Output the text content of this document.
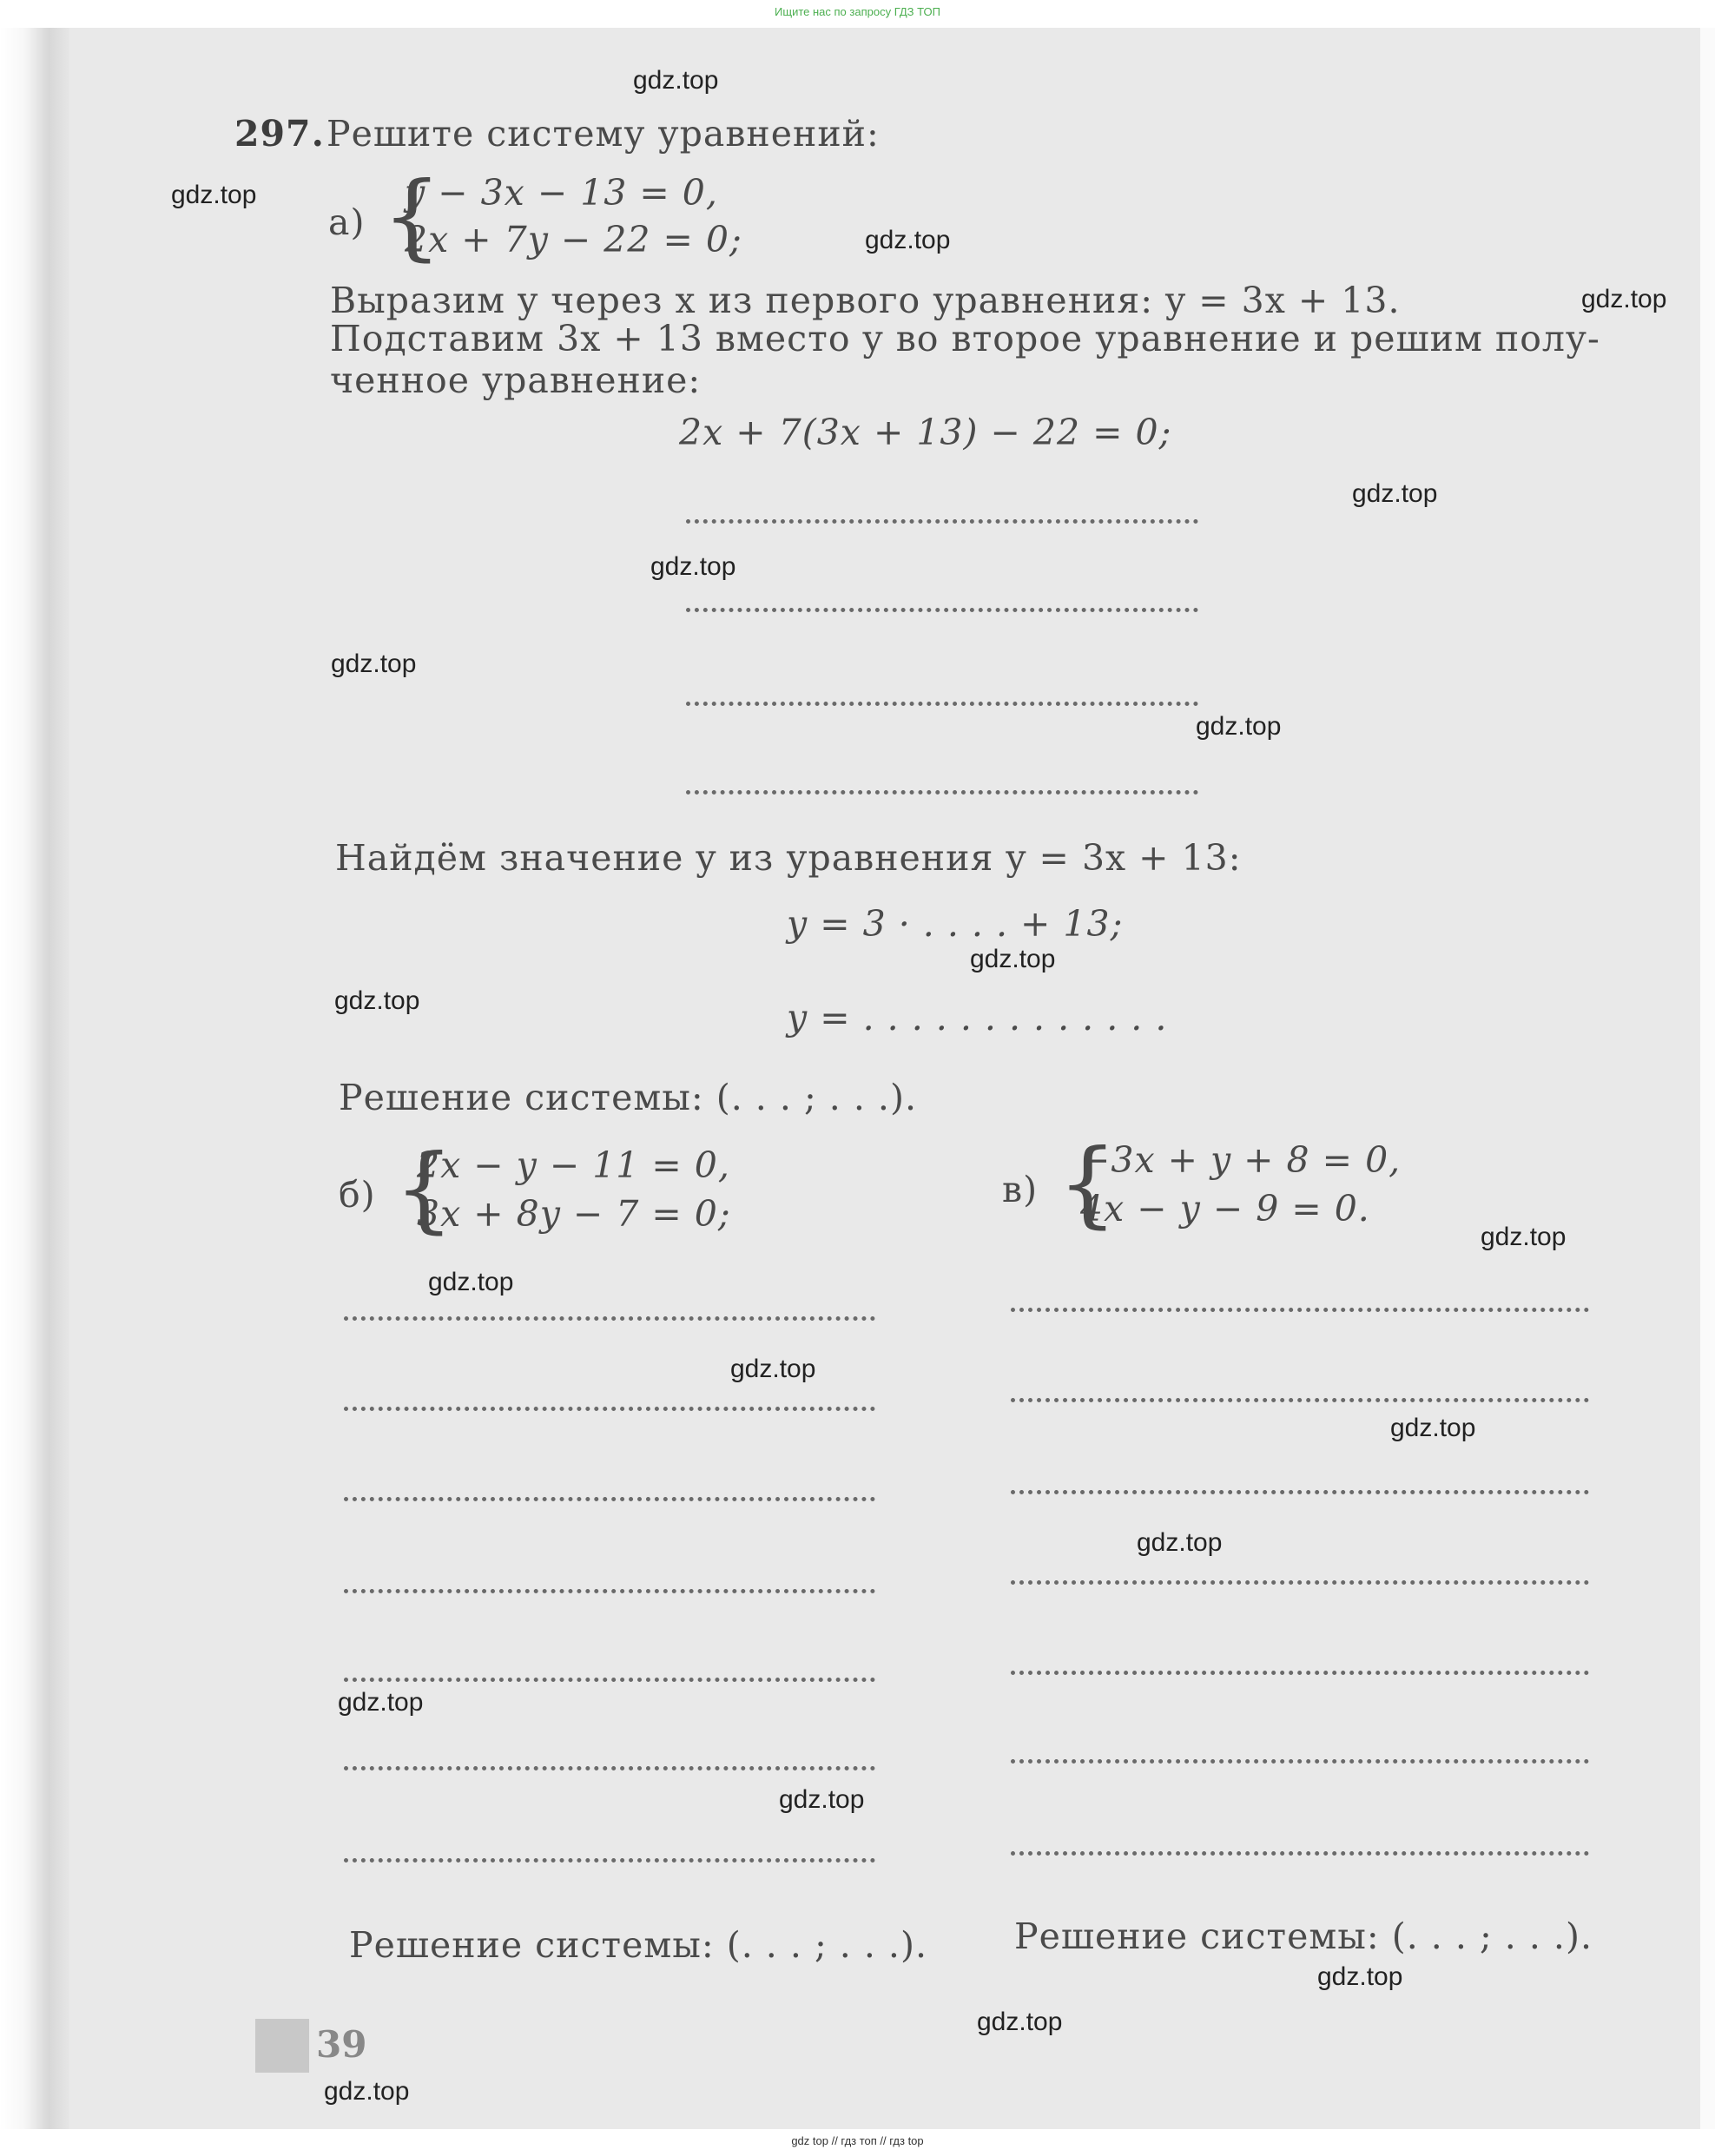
Ищите нас по запросу ГДЗ ТОП
297. Решите систему уравнений:
а) {
y − 3x − 13 = 0,
2x + 7y − 22 = 0;
Выразим y через x из первого уравнения: y = 3x + 13.
Подставим 3x + 13 вместо y во второе уравнение и решим полу-
ченное уравнение:
2x + 7(3x + 13) − 22 = 0;
Найдём значение y из уравнения y = 3x + 13:
y = 3 · . . . . + 13;
y = . . . . . . . . . . . . .
Решение системы: (. . . ; . . .).
б) {
2x − y − 11 = 0,
3x + 8y − 7 = 0;
в) {
−3x + y + 8 = 0,
4x − y − 9 = 0.
Решение системы: (. . . ; . . .). Решение системы: (. . . ; . . .).
39
gdz.top
gdz.top
gdz.top
gdz.top
gdz.top
gdz.top
gdz.top
gdz.top
gdz.top
gdz.top
gdz.top
gdz.top
gdz.top
gdz.top
gdz.top
gdz.top
gdz.top
gdz.top
gdz.top
gdz.top
gdz top // гдз топ // гдз top
